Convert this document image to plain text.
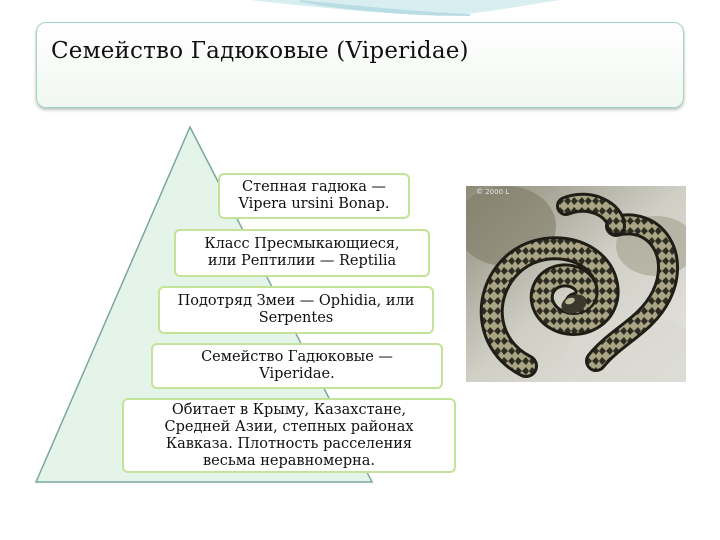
Семейство Гадюковые (Viperidae)
Степная гадюка —
Vipera ursini Bonap.
Класс Пресмыкающиеся,
или Рептилии — Reptilia
Подотряд Змеи — Ophidia, или
Serpentes
Семейство Гадюковые —
Viperidae.
Обитает в Крыму, Казахстане,
Средней Азии, степных районах
Кавказа. Плотность расселения
весьма неравномерна.
© 2000 L
